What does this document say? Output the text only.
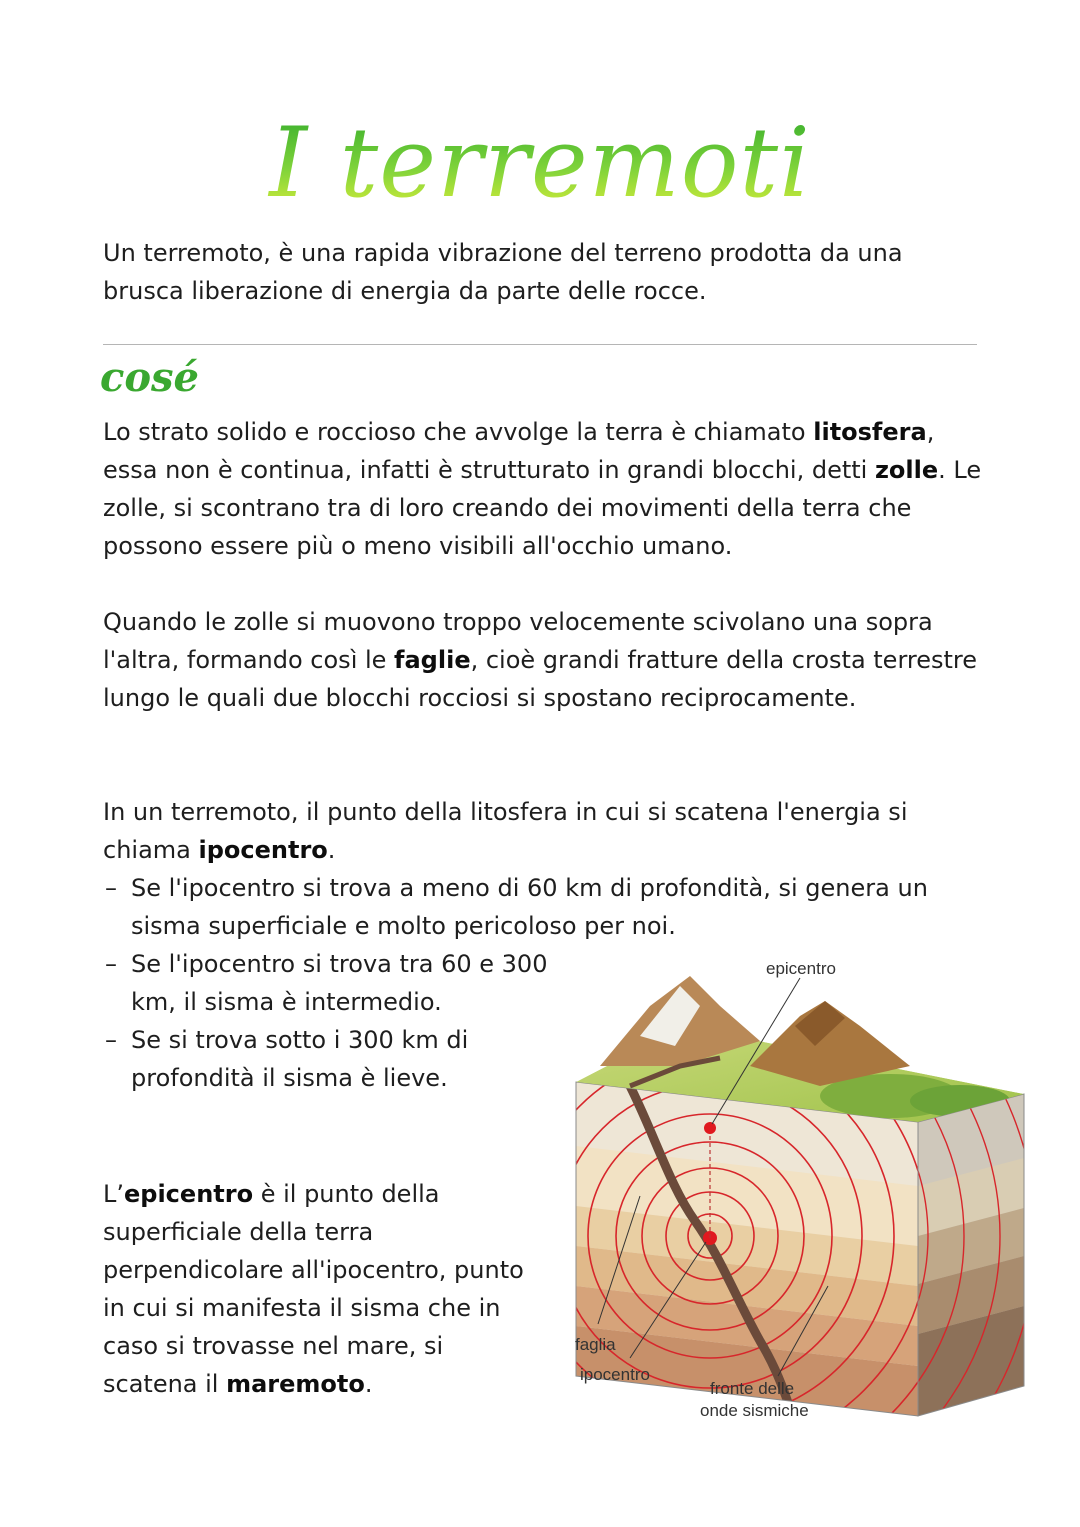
I terremoti

Un terremoto, è una rapida vibrazione del terreno prodotta da una brusca liberazione di energia da parte delle rocce.

cosé

Lo strato solido e roccioso che avvolge la terra è chiamato litosfera, essa non è continua, infatti è strutturato in grandi blocchi, detti zolle. Le zolle, si scontrano tra di loro creando dei movimenti della terra che possono essere più o meno visibili all'occhio umano.

Quando le zolle si muovono troppo velocemente scivolano una sopra l'altra, formando così le faglie, cioè grandi fratture della crosta terrestre lungo le quali due blocchi rocciosi si spostano reciprocamente.

In un terremoto, il punto della litosfera in cui si scatena l'energia si chiama ipocentro.

– Se l'ipocentro si trova a meno di 60 km di profondità, si genera un sisma superficiale e molto pericoloso per noi.
– Se l'ipocentro si trova tra 60 e 300 km, il sisma è intermedio.
– Se si trova sotto i 300 km di profondità il sisma è lieve.

L’epicentro è il punto della superficiale della terra perpendicolare all'ipocentro, punto in cui si manifesta il sisma che in caso si trovasse nel mare, si scatena il maremoto.

epicentro
faglia
ipocentro
fronte delle
onde sismiche
